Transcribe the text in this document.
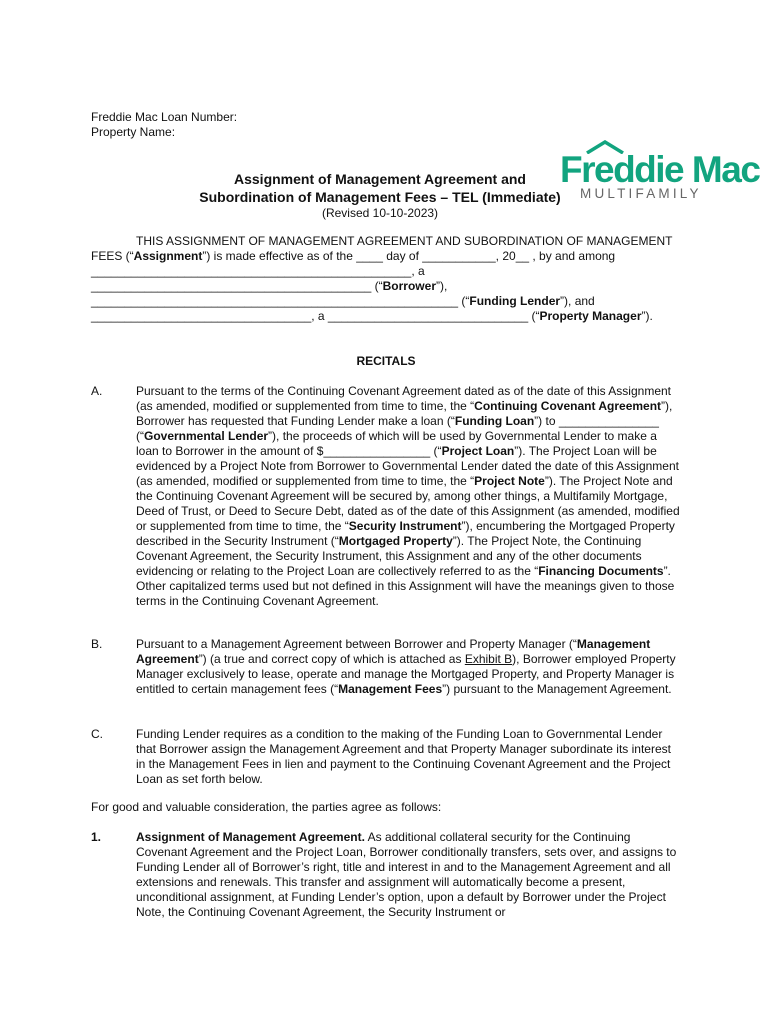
Freddie Mac Loan Number:
Property Name:
Freddie Mac
MULTIFAMILY
Assignment of Management Agreement and
Subordination of Management Fees – TEL (Immediate)
(Revised 10-10-2023)

THIS ASSIGNMENT OF MANAGEMENT AGREEMENT AND SUBORDINATION OF MANAGEMENT FEES (“Assignment”) is made effective as of the ____ day of ___________, 20__ , by and among ________________________________________________, a __________________________________________ (“Borrower”), _______________________________________________________ (“Funding Lender”), and _________________________________, a ______________________________ (“Property Manager”).

RECITALS
A.	Pursuant to the terms of the Continuing Covenant Agreement dated as of the date of this Assignment (as amended, modified or supplemented from time to time, the “Continuing Covenant Agreement”), Borrower has requested that Funding Lender make a loan (“Funding Loan”) to _______________ (“Governmental Lender”), the proceeds of which will be used by Governmental Lender to make a loan to Borrower in the amount of $________________ (“Project Loan”). The Project Loan will be evidenced by a Project Note from Borrower to Governmental Lender dated the date of this Assignment (as amended, modified or supplemented from time to time, the “Project Note”). The Project Note and the Continuing Covenant Agreement will be secured by, among other things, a Multifamily Mortgage, Deed of Trust, or Deed to Secure Debt, dated as of the date of this Assignment (as amended, modified or supplemented from time to time, the “Security Instrument”), encumbering the Mortgaged Property described in the Security Instrument (“Mortgaged Property”). The Project Note, the Continuing Covenant Agreement, the Security Instrument, this Assignment and any of the other documents evidencing or relating to the Project Loan are collectively referred to as the “Financing Documents”. Other capitalized terms used but not defined in this Assignment will have the meanings given to those terms in the Continuing Covenant Agreement.
B.	Pursuant to a Management Agreement between Borrower and Property Manager (“Management Agreement”) (a true and correct copy of which is attached as Exhibit B), Borrower employed Property Manager exclusively to lease, operate and manage the Mortgaged Property, and Property Manager is entitled to certain management fees (“Management Fees”) pursuant to the Management Agreement.
C.	Funding Lender requires as a condition to the making of the Funding Loan to Governmental Lender that Borrower assign the Management Agreement and that Property Manager subordinate its interest in the Management Fees in lien and payment to the Continuing Covenant Agreement and the Project Loan as set forth below.
For good and valuable consideration, the parties agree as follows:
1.	Assignment of Management Agreement. As additional collateral security for the Continuing Covenant Agreement and the Project Loan, Borrower conditionally transfers, sets over, and assigns to Funding Lender all of Borrower’s right, title and interest in and to the Management Agreement and all extensions and renewals. This transfer and assignment will automatically become a present, unconditional assignment, at Funding Lender’s option, upon a default by Borrower under the Project Note, the Continuing Covenant Agreement, the Security Instrument or
